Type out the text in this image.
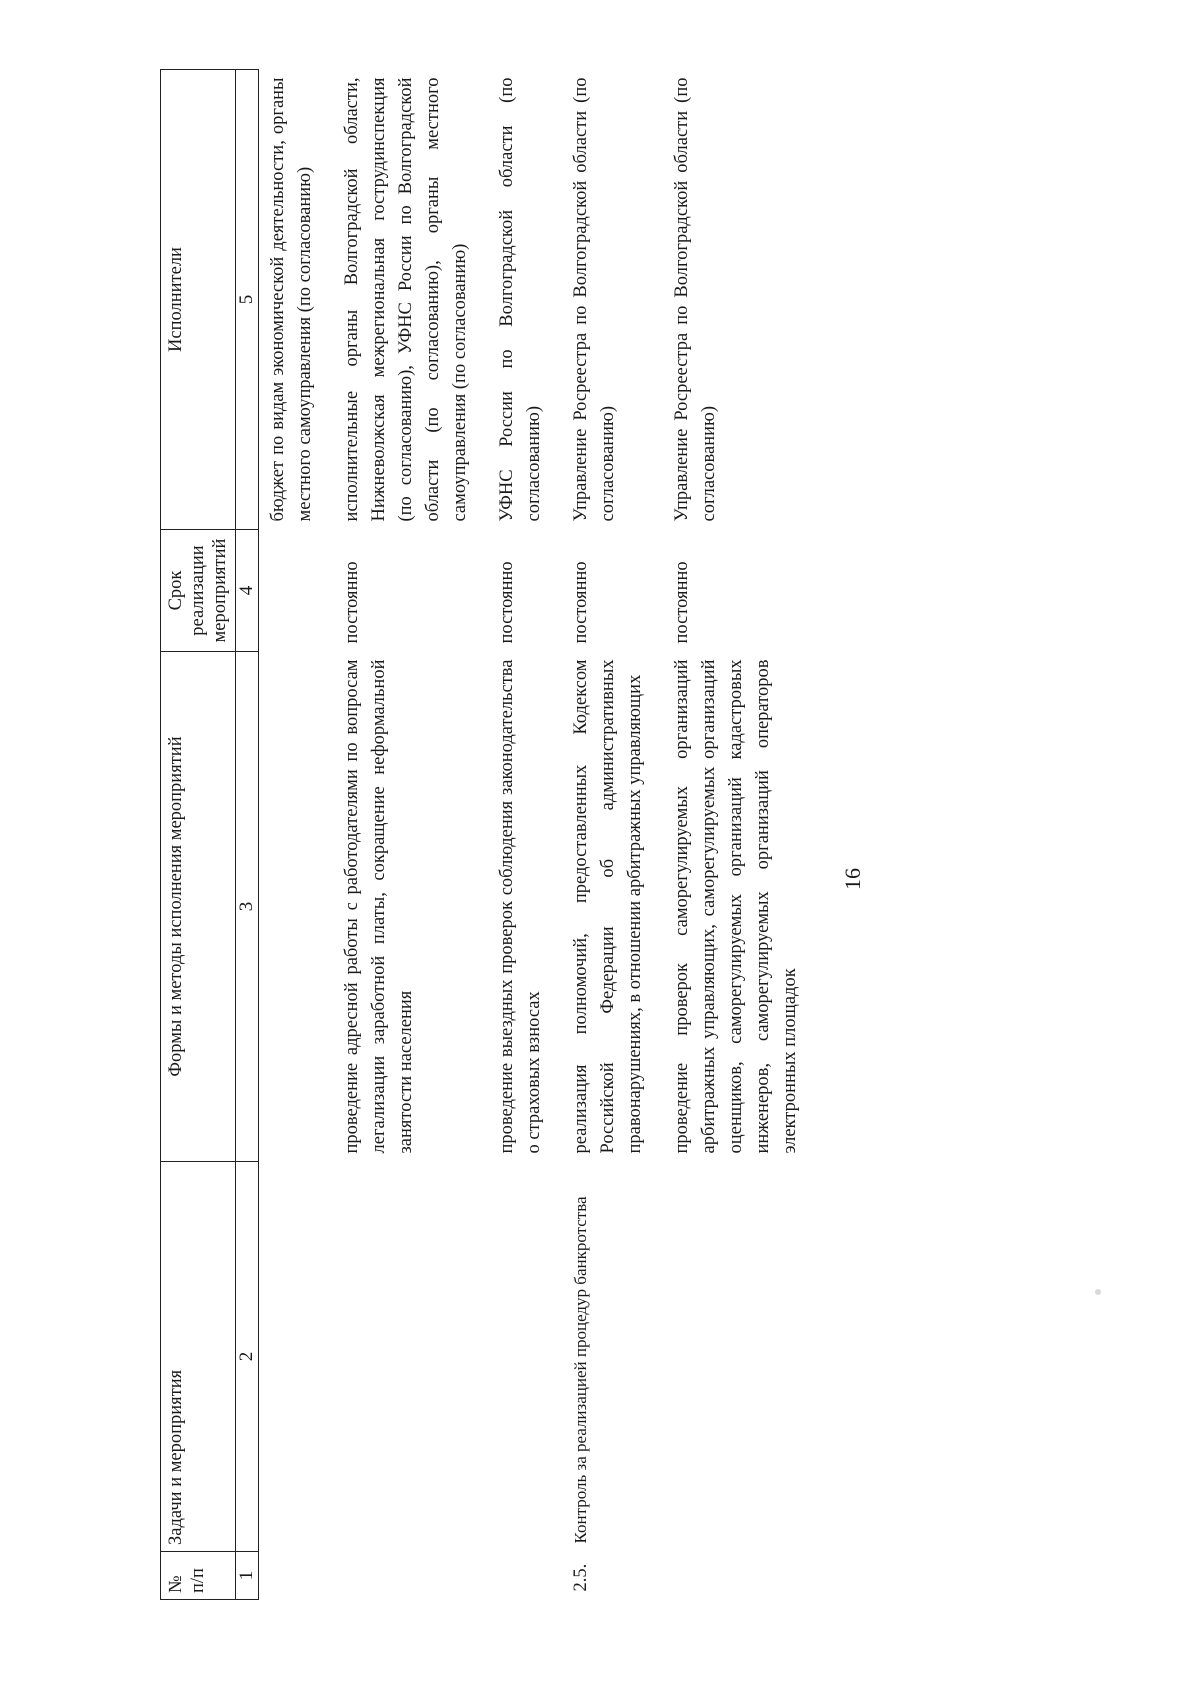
16
№ п/п	Задачи и мероприятия	Формы и методы исполнения мероприятий	Срок реализации мероприятий	Исполнители
1	2	3	4	5
				бюджет по видам экономической деятельности, органы местного самоуправления (по согласованию)
		проведение адресной работы с работодателями по вопросам легализации заработной платы, сокращение неформальной занятости населения	постоянно	исполнительные органы Волгоградской области, Нижневолжская межрегиональная гострудинспекция (по согласованию), УФНС России по Волгоградской области (по согласованию), органы местного самоуправления (по согласованию)
		проведение выездных проверок соблюдения законодательства о страховых взносах	постоянно	УФНС России по Волгоградской области (по согласованию)
2.5.	Контроль за реализацией процедур банкротства	реализация полномочий, предоставленных Кодексом Российской Федерации об административных правонарушениях, в отношении арбитражных управляющих	постоянно	Управление Росреестра по Волгоградской области (по согласованию)
		проведение проверок саморегулируемых организаций арбитражных управляющих, саморегулируемых организаций оценщиков, саморегулируемых организаций кадастровых инженеров, саморегулируемых организаций операторов электронных площадок	постоянно	Управление Росреестра по Волгоградской области (по согласованию)
